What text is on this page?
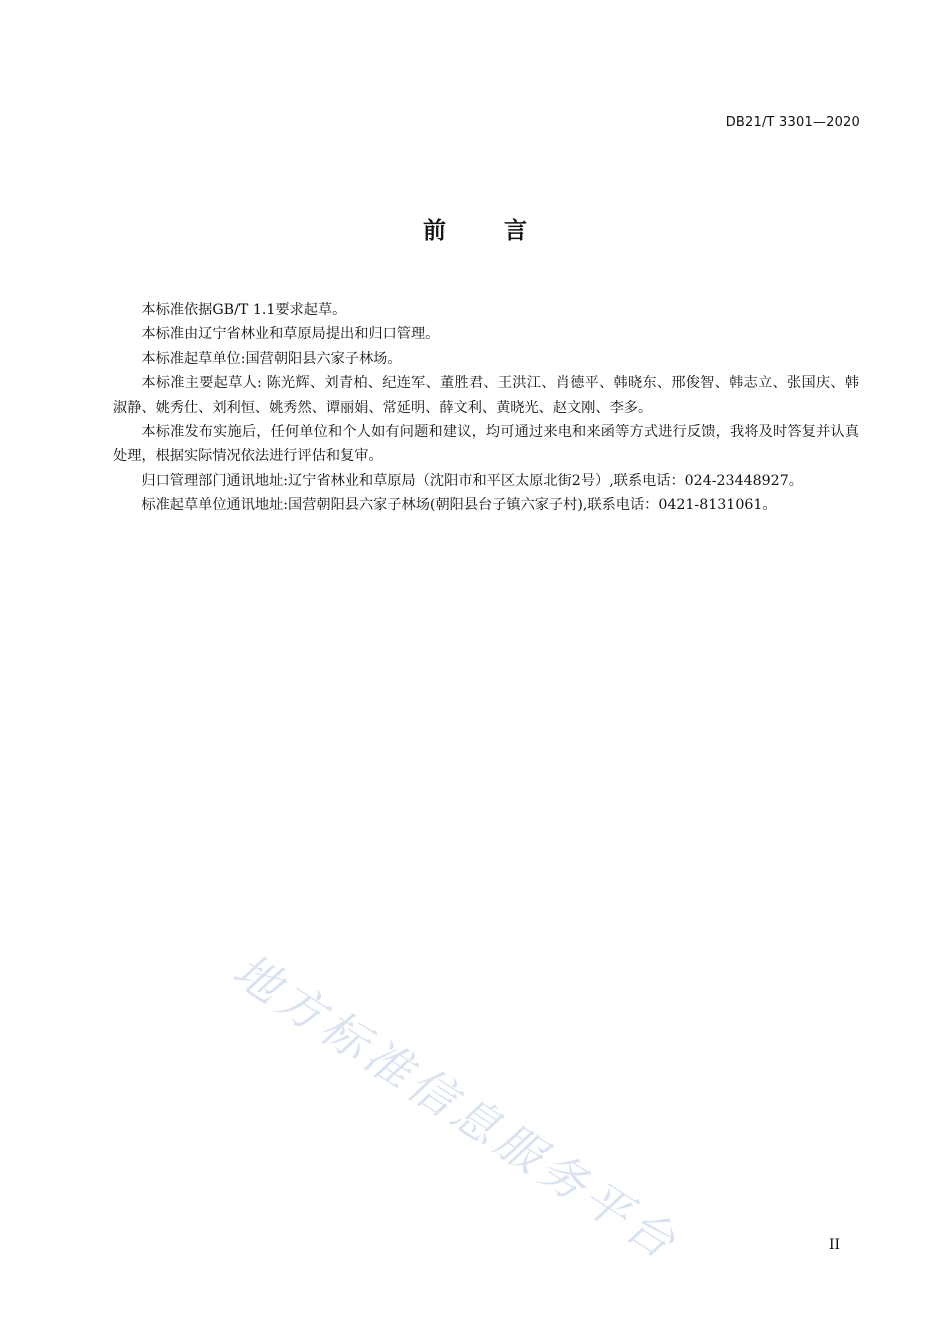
DB21/T 3301—2020
前言

本标准依据GB/T 1.1要求起草。

本标准由辽宁省林业和草原局提出和归口管理。

本标准起草单位:国营朝阳县六家子林场。

本标准主要起草人: 陈光辉、刘青柏、纪连军、董胜君、王洪江、肖德平、韩晓东、邢俊智、韩志立、张国庆、韩淑静、姚秀仕、刘利恒、姚秀然、谭丽娟、常延明、薛文利、黄晓光、赵文刚、李多。

本标准发布实施后，任何单位和个人如有问题和建议，均可通过来电和来函等方式进行反馈，我将及时答复并认真处理，根据实际情况依法进行评估和复审。

归口管理部门通讯地址:辽宁省林业和草原局（沈阳市和平区太原北街2号）,联系电话：024-23448927。

标准起草单位通讯地址:国营朝阳县六家子林场(朝阳县台子镇六家子村),联系电话：0421-8131061。

地方标准信息服务平台	II
